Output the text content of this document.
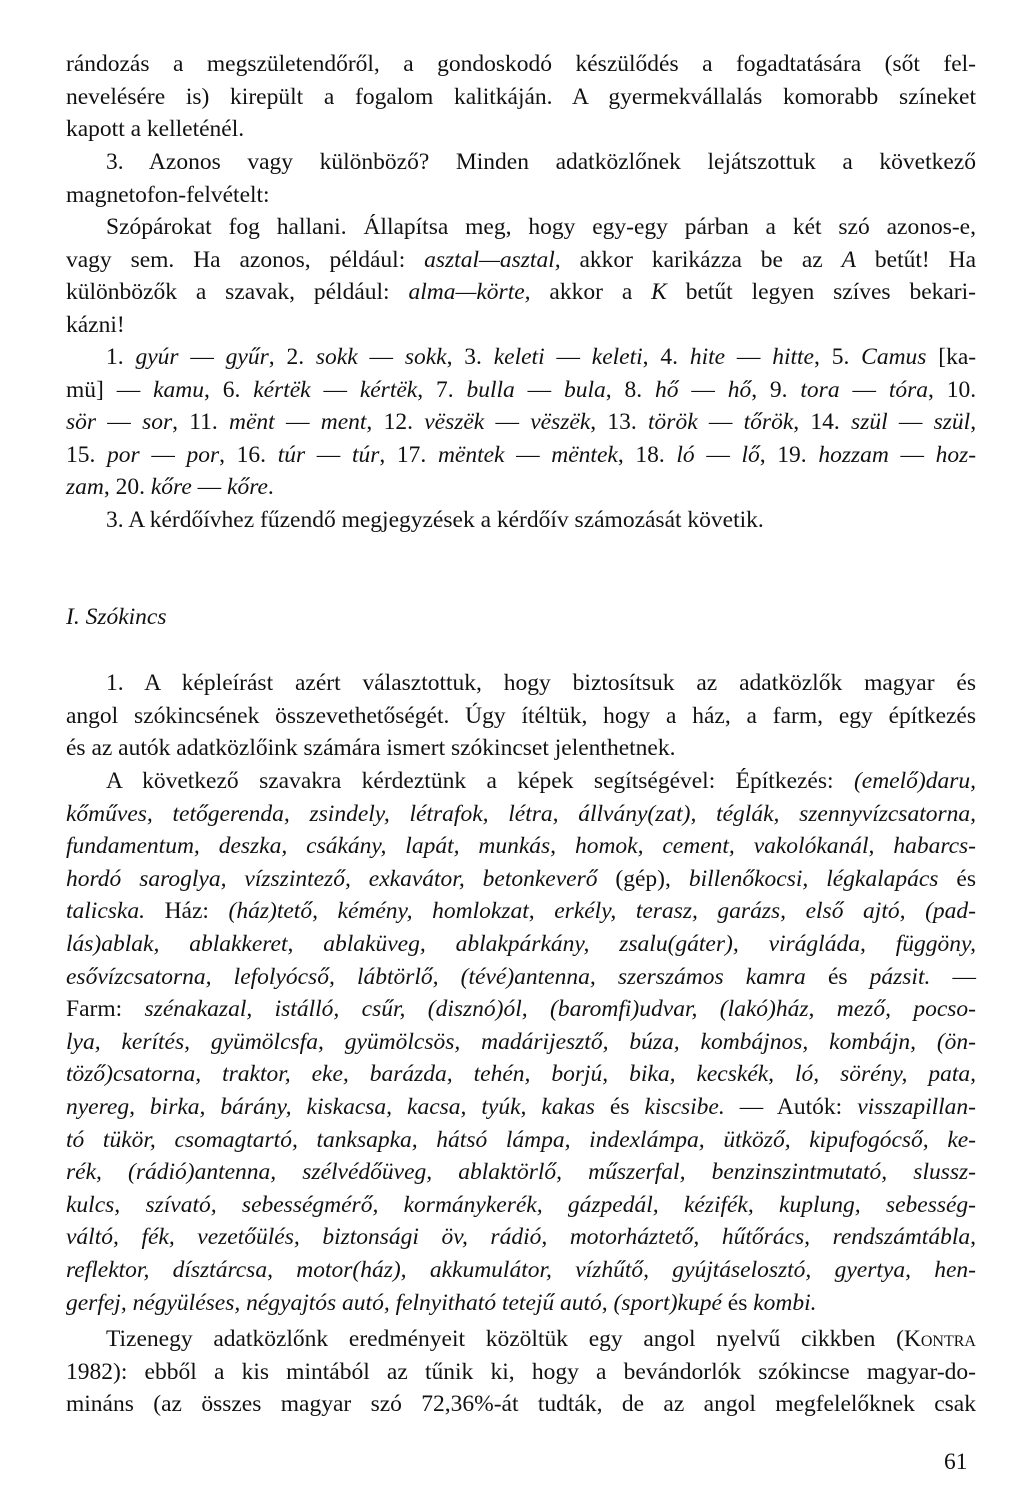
rándozás a megszületendőről, a gondoskodó készülődés a fogadtatására (sőt fel-
nevelésére is) kirepült a fogalom kalitkáján. A gyermekvállalás komorabb színeket
kapott a kelleténél.
3. Azonos vagy különböző? Minden adatközlőnek lejátszottuk a következő
magnetofon-felvételt:
Szópárokat fog hallani. Állapítsa meg, hogy egy-egy párban a két szó azonos-e,
vagy sem. Ha azonos, például: asztal—asztal, akkor karikázza be az A betűt! Ha
különbözők a szavak, például: alma—körte, akkor a K betűt legyen szíves bekari-
kázni!
1. gyúr — gyűr, 2. sokk — sokk, 3. keleti — keleti, 4. hite — hitte, 5. Camus [ka-
mü] — kamu, 6. kértëk — kértëk, 7. bulla — bula, 8. hő — hő, 9. tora — tóra, 10.
sör — sor, 11. mënt — ment, 12. vëszëk — vëszëk, 13. török — tőrök, 14. szül — szül,
15. por — por, 16. túr — túr, 17. mëntek — mëntek, 18. ló — lő, 19. hozzam — hoz-
zam, 20. kőre — kőre.
3. A kérdőívhez fűzendő megjegyzések a kérdőív számozását követik.
I. Szókincs
1. A képleírást azért választottuk, hogy biztosítsuk az adatközlők magyar és
angol szókincsének összevethetőségét. Úgy ítéltük, hogy a ház, a farm, egy építkezés
és az autók adatközlőink számára ismert szókincset jelenthetnek.
A következő szavakra kérdeztünk a képek segítségével: Építkezés: (emelő)daru,
kőműves, tetőgerenda, zsindely, létrafok, létra, állvány(zat), téglák, szennyvízcsatorna,
fundamentum, deszka, csákány, lapát, munkás, homok, cement, vakolókanál, habarcs-
hordó saroglya, vízszintező, exkavátor, betonkeverő (gép), billenőkocsi, légkalapács és
talicska. Ház: (ház)tető, kémény, homlokzat, erkély, terasz, garázs, első ajtó, (pad-
lás)ablak, ablakkeret, ablaküveg, ablakpárkány, zsalu(gáter), virágláda, függöny,
esővízcsatorna, lefolyócső, lábtörlő, (tévé)antenna, szerszámos kamra és pázsit. —
Farm: szénakazal, istálló, csűr, (disznó)ól, (baromfi)udvar, (lakó)ház, mező, pocso-
lya, kerítés, gyümölcsfa, gyümölcsös, madárijesztő, búza, kombájnos, kombájn, (ön-
töző)csatorna, traktor, eke, barázda, tehén, borjú, bika, kecskék, ló, sörény, pata,
nyereg, birka, bárány, kiskacsa, kacsa, tyúk, kakas és kiscsibe. — Autók: visszapillan-
tó tükör, csomagtartó, tanksapka, hátsó lámpa, indexlámpa, ütköző, kipufogócső, ke-
rék, (rádió)antenna, szélvédőüveg, ablaktörlő, műszerfal, benzinszintmutató, slussz-
kulcs, szívató, sebességmérő, kormánykerék, gázpedál, kézifék, kuplung, sebesség-
váltó, fék, vezetőülés, biztonsági öv, rádió, motorháztető, hűtőrács, rendszámtábla,
reflektor, dísztárcsa, motor(ház), akkumulátor, vízhűtő, gyújtáselosztó, gyertya, hen-
gerfej, négyüléses, négyajtós autó, felnyitható tetejű autó, (sport)kupé és kombi.
Tizenegy adatközlőnk eredményeit közöltük egy angol nyelvű cikkben (Kontra
1982): ebből a kis mintából az tűnik ki, hogy a bevándorlók szókincse magyar-do-
mináns (az összes magyar szó 72,36%-át tudták, de az angol megfelelőknek csak
61
